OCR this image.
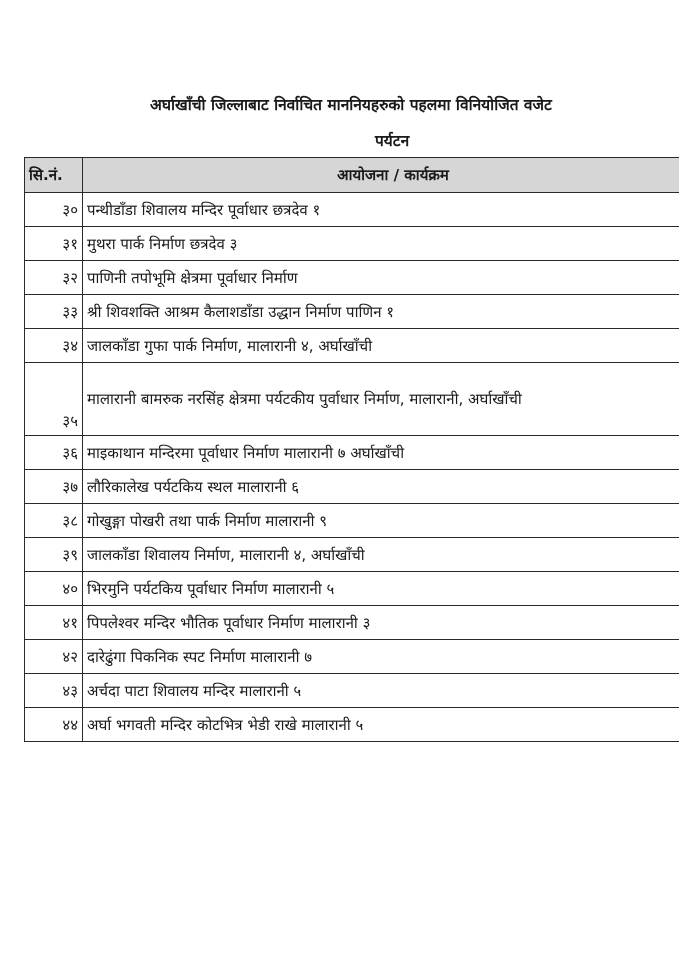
अर्घाखाँची जिल्लाबाट निर्वाचित माननियहरुको पहलमा विनियोजित वजेट
पर्यटन
सि.नं.	आयोजना / कार्यक्रम
३०	पन्थीडाँडा शिवालय मन्दिर पूर्वाधार छत्रदेव १
३१	मुथरा पार्क निर्माण छत्रदेव ३
३२	पाणिनी तपोभूमि क्षेत्रमा पूर्वाधार निर्माण
३३	श्री शिवशक्ति आश्रम कैलाशडाँडा उद्धान निर्माण पाणिन १
३४	जालकाँडा गुफा पार्क निर्माण, मालारानी ४, अर्घाखाँची
३५	मालारानी बामरुक नरसिंह क्षेत्रमा पर्यटकीय पुर्वाधार निर्माण, मालारानी, अर्घाखाँची
३६	माइकाथान मन्दिरमा पूर्वाधार निर्माण मालारानी ७ अर्घाखाँची
३७	लौरिकालेख पर्यटकिय स्थल मालारानी ६
३८	गोखुङ्गा पोखरी तथा पार्क निर्माण मालारानी ९
३९	जालकाँडा शिवालय निर्माण, मालारानी ४, अर्घाखाँची
४०	भिरमुनि पर्यटकिय पूर्वाधार निर्माण मालारानी ५
४१	पिपलेश्वर मन्दिर भौतिक पूर्वाधार निर्माण मालारानी ३
४२	दारेढुंगा पिकनिक स्पट निर्माण मालारानी ७
४३	अर्चदा पाटा शिवालय मन्दिर मालारानी ५
४४	अर्घा भगवती मन्दिर कोटभित्र भेडी राखे मालारानी ५
